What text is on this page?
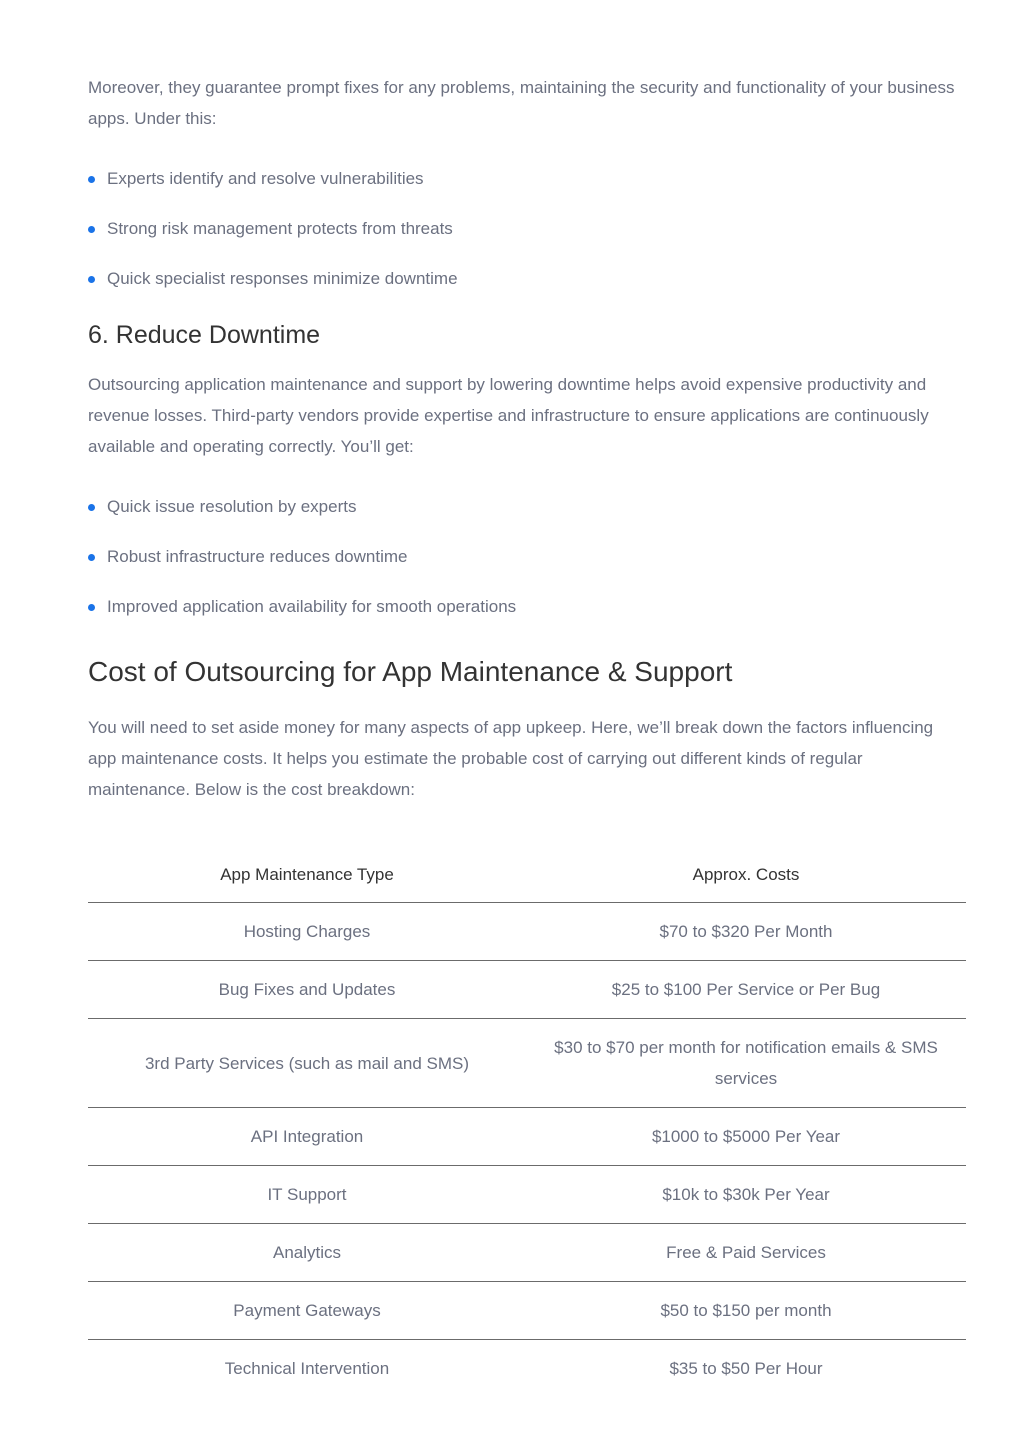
Moreover, they guarantee prompt fixes for any problems, maintaining the security and functionality of your business apps. Under this:

Experts identify and resolve vulnerabilities
Strong risk management protects from threats
Quick specialist responses minimize downtime
6. Reduce Downtime

Outsourcing application maintenance and support by lowering downtime helps avoid expensive productivity and revenue losses. Third-party vendors provide expertise and infrastructure to ensure applications are continuously available and operating correctly. You’ll get:

Quick issue resolution by experts
Robust infrastructure reduces downtime
Improved application availability for smooth operations
Cost of Outsourcing for App Maintenance & Support

You will need to set aside money for many aspects of app upkeep. Here, we’ll break down the factors influencing app maintenance costs. It helps you estimate the probable cost of carrying out different kinds of regular maintenance. Below is the cost breakdown:

App Maintenance Type	Approx. Costs
Hosting Charges	$70 to $320 Per Month
Bug Fixes and Updates	$25 to $100 Per Service or Per Bug
3rd Party Services (such as mail and SMS)	$30 to $70 per month for notification emails & SMS services
API Integration	$1000 to $5000 Per Year
IT Support	$10k to $30k Per Year
Analytics	Free & Paid Services
Payment Gateways	$50 to $150 per month
Technical Intervention	$35 to $50 Per Hour
